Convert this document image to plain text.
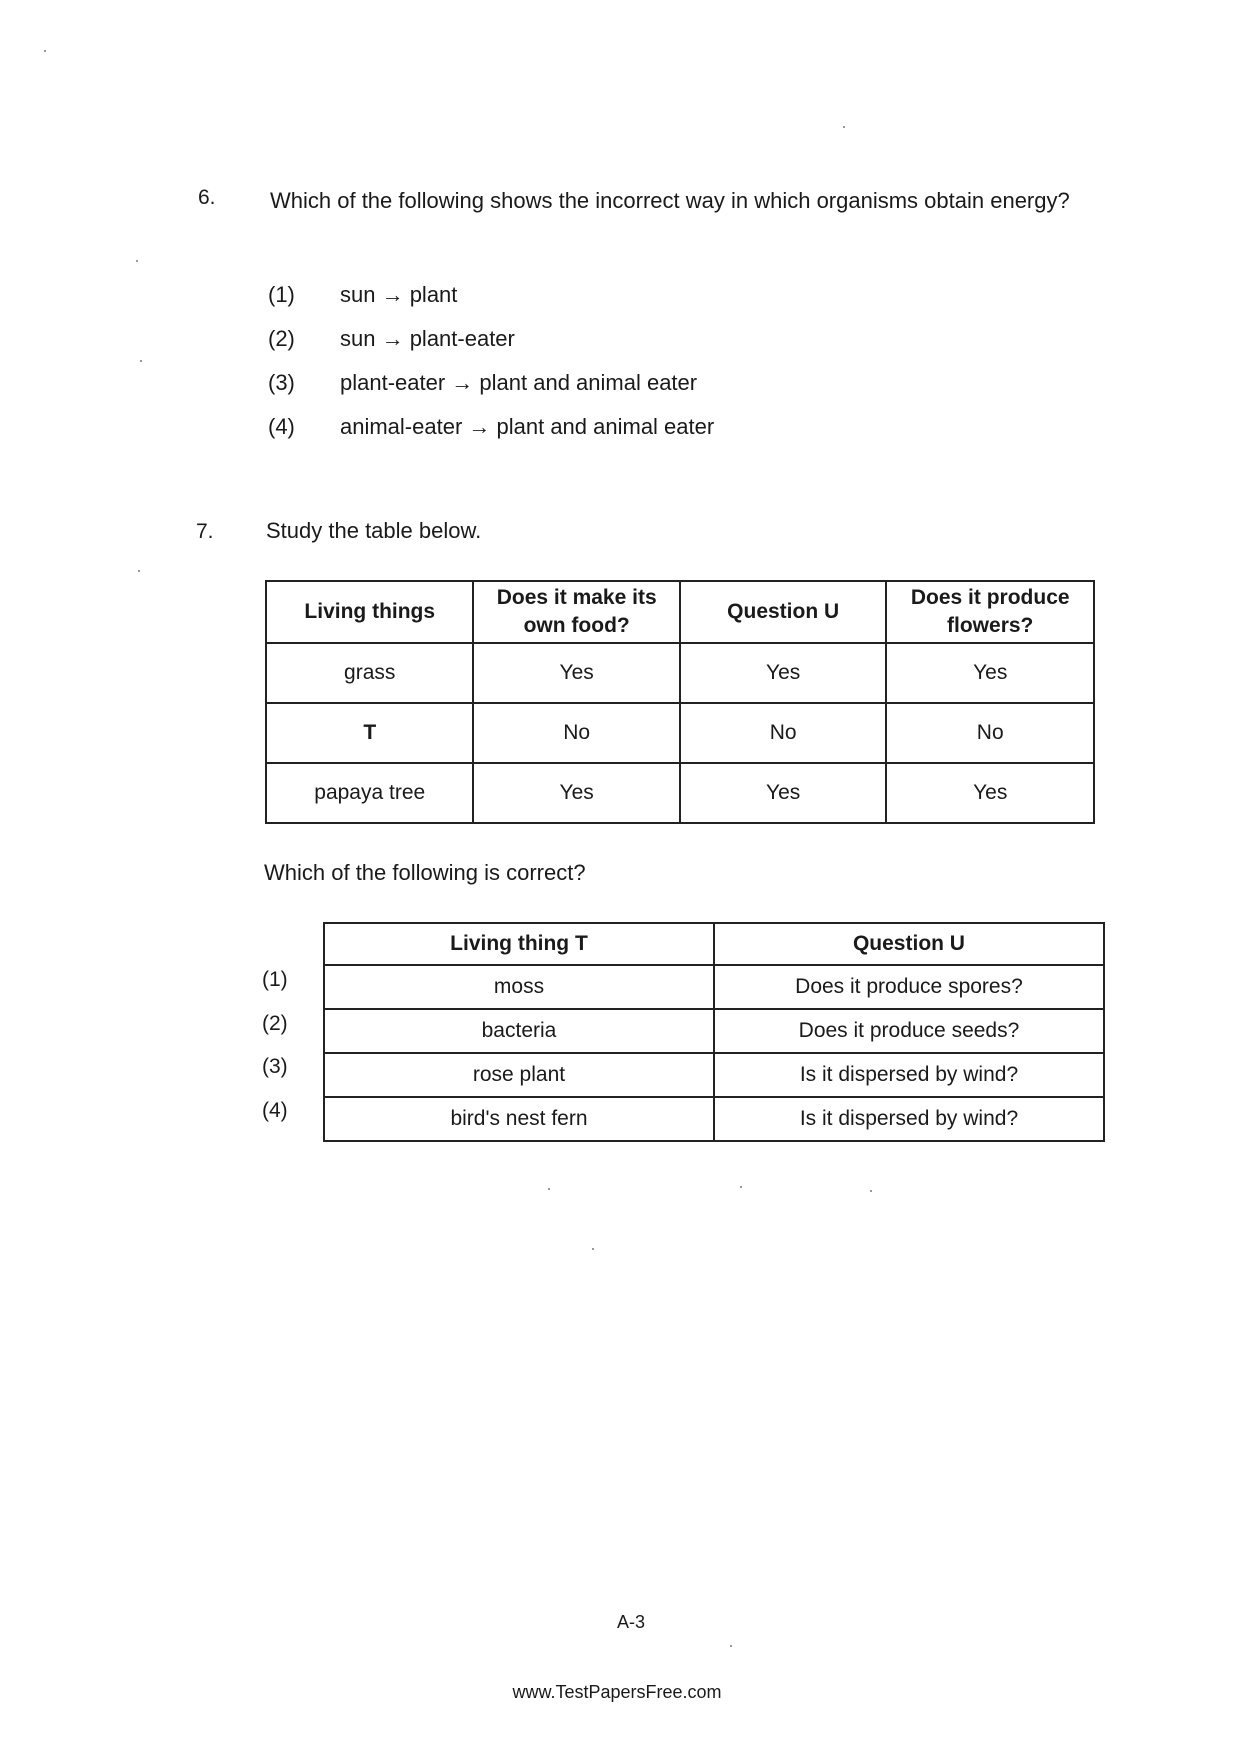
6. Which of the following shows the incorrect way in which organisms obtain energy?
(1) sun → plant
(2) sun → plant-eater
(3) plant-eater → plant and animal eater
(4) animal-eater → plant and animal eater
7. Study the table below.
Living things	Does it make its own food?	Question U	Does it produce flowers?
grass	Yes	Yes	Yes
T	No	No	No
papaya tree	Yes	Yes	Yes
Which of the following is correct?
(1)
(2)
(3)
(4)
Living thing T	Question U
moss	Does it produce spores?
bacteria	Does it produce seeds?
rose plant	Is it dispersed by wind?
bird's nest fern	Is it dispersed by wind?
A-3
www.TestPapersFree.com
